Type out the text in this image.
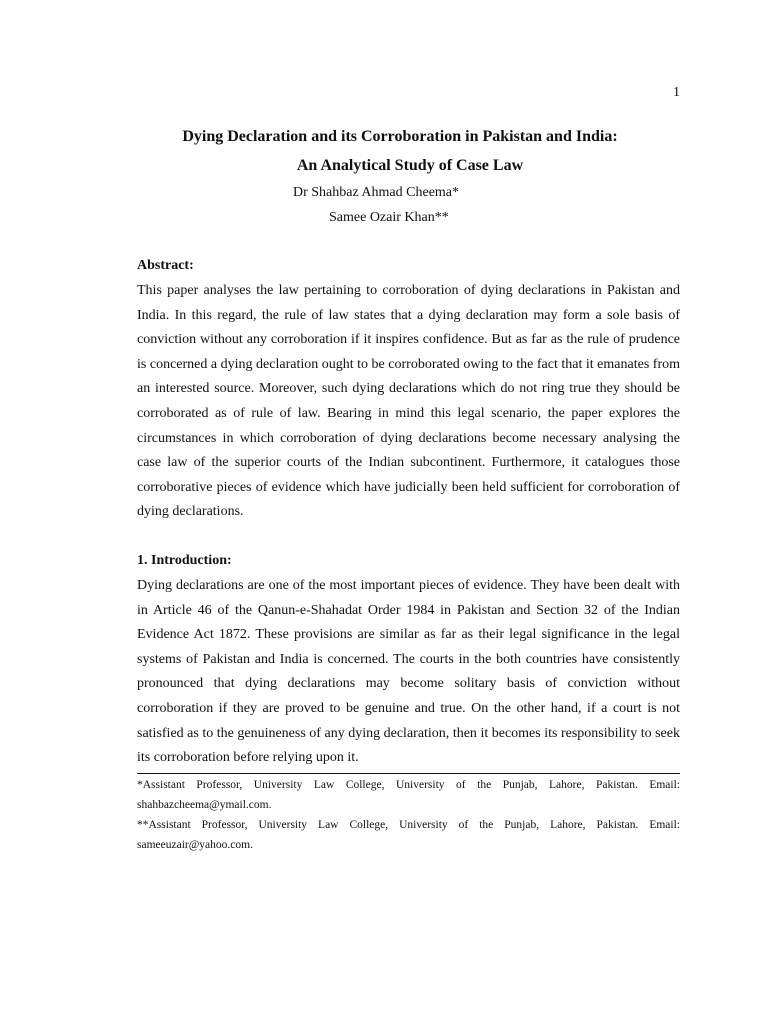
1
Dying Declaration and its Corroboration in Pakistan and India:
An Analytical Study of Case Law
Dr Shahbaz Ahmad Cheema*
Samee Ozair Khan**
Abstract:
This paper analyses the law pertaining to corroboration of dying declarations in Pakistan and India. In this regard, the rule of law states that a dying declaration may form a sole basis of conviction without any corroboration if it inspires confidence. But as far as the rule of prudence is concerned a dying declaration ought to be corroborated owing to the fact that it emanates from an interested source. Moreover, such dying declarations which do not ring true they should be corroborated as of rule of law. Bearing in mind this legal scenario, the paper explores the circumstances in which corroboration of dying declarations become necessary analysing the case law of the superior courts of the Indian subcontinent. Furthermore, it catalogues those corroborative pieces of evidence which have judicially been held sufficient for corroboration of dying declarations.
1. Introduction:
Dying declarations are one of the most important pieces of evidence. They have been dealt with in Article 46 of the Qanun-e-Shahadat Order 1984 in Pakistan and Section 32 of the Indian Evidence Act 1872. These provisions are similar as far as their legal significance in the legal systems of Pakistan and India is concerned. The courts in the both countries have consistently pronounced that dying declarations may become solitary basis of conviction without corroboration if they are proved to be genuine and true. On the other hand, if a court is not satisfied as to the genuineness of any dying declaration, then it becomes its responsibility to seek its corroboration before relying upon it.
*Assistant Professor, University Law College, University of the Punjab, Lahore, Pakistan. Email: shahbazcheema@ymail.com.
**Assistant Professor, University Law College, University of the Punjab, Lahore, Pakistan. Email: sameeuzair@yahoo.com.
